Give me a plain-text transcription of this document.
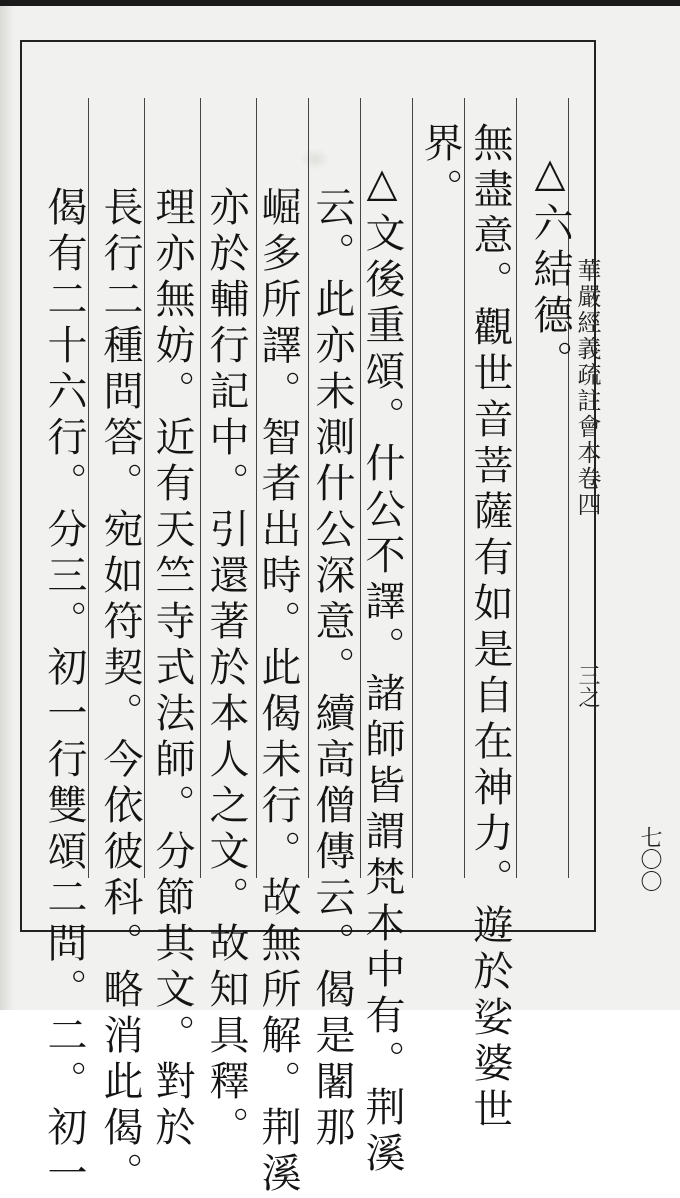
華嚴經義疏註會本卷四
三之
△六結德。
無盡意。觀世音菩薩有如是自在神力。遊於娑婆世
界。
△文後重頌。什公不譯。諸師皆謂梵本中有。荆溪
云。此亦未測什公深意。續高僧傳云。偈是闍那
崛多所譯。智者出時。此偈未行。故無所解。荆溪
亦於輔行記中。引還著於本人之文。故知具釋。
理亦無妨。近有天竺寺式法師。分節其文。對於
長行二種問答。宛如符契。今依彼科。略消此偈。
偈有二十六行。分三。初一行雙頌二問。二。初一	七〇〇
